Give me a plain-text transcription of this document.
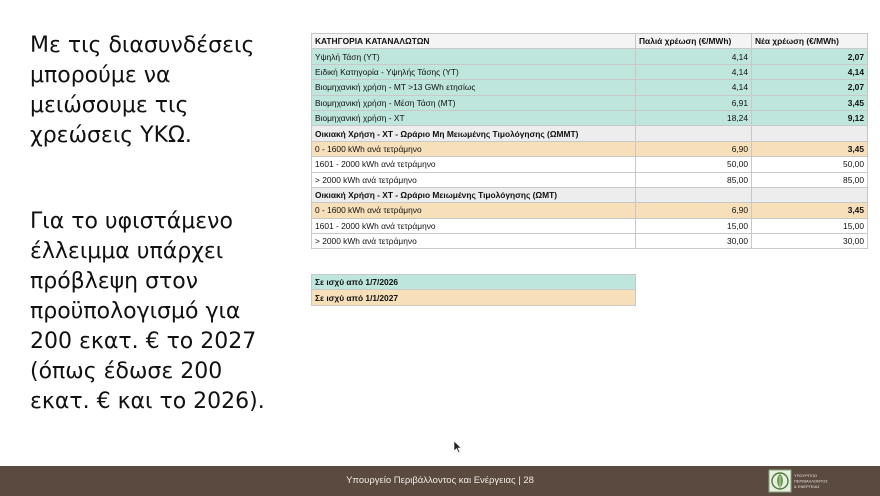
Με τις διασυνδέσεις
μπορούμε να
μειώσουμε τις
χρεώσεις ΥΚΩ.
Για το υφιστάμενο
έλλειμμα υπάρχει
πρόβλεψη στον
προϋπολογισμό για
200 εκατ. € το 2027
(όπως έδωσε 200
εκατ. € και το 2026).
ΚΑΤΗΓΟΡΙΑ ΚΑΤΑΝΑΛΩΤΩΝ	Παλιά χρέωση (€/MWh)	Νέα χρέωση (€/MWh)
Υψηλή Τάση (ΥΤ)	4,14	2,07
Ειδική Κατηγορία - Υψηλής Τάσης (ΥΤ)	4,14	4,14
Βιομηχανική χρήση - ΜΤ >13 GWh ετησίως	4,14	2,07
Βιομηχανική χρήση - Μέση Τάση (ΜΤ)	6,91	3,45
Βιομηχανική χρήση - ΧΤ	18,24	9,12
Οικιακή Χρήση - ΧΤ - Ωράριο Μη Μειωμένης Τιμολόγησης (ΩΜΜΤ)		
0 - 1600 kWh ανά τετράμηνο	6,90	3,45
1601 - 2000 kWh ανά τετράμηνο	50,00	50,00
> 2000 kWh ανά τετράμηνο	85,00	85,00
Οικιακή Χρήση - ΧΤ - Ωράριο Μειωμένης Τιμολόγησης (ΩΜΤ)		
0 - 1600 kWh ανά τετράμηνο	6,90	3,45
1601 - 2000 kWh ανά τετράμηνο	15,00	15,00
> 2000 kWh ανά τετράμηνο	30,00	30,00
Σε ισχύ από 1/7/2026
Σε ισχύ από 1/1/2027
Υπουργείο Περιβάλλοντος και Ενέργειας | 28	ΥΠΟΥΡΓΕΙΟ
ΠΕΡΙΒΑΛΛΟΝΤΟΣ
& ΕΝΕΡΓΕΙΑΣ
